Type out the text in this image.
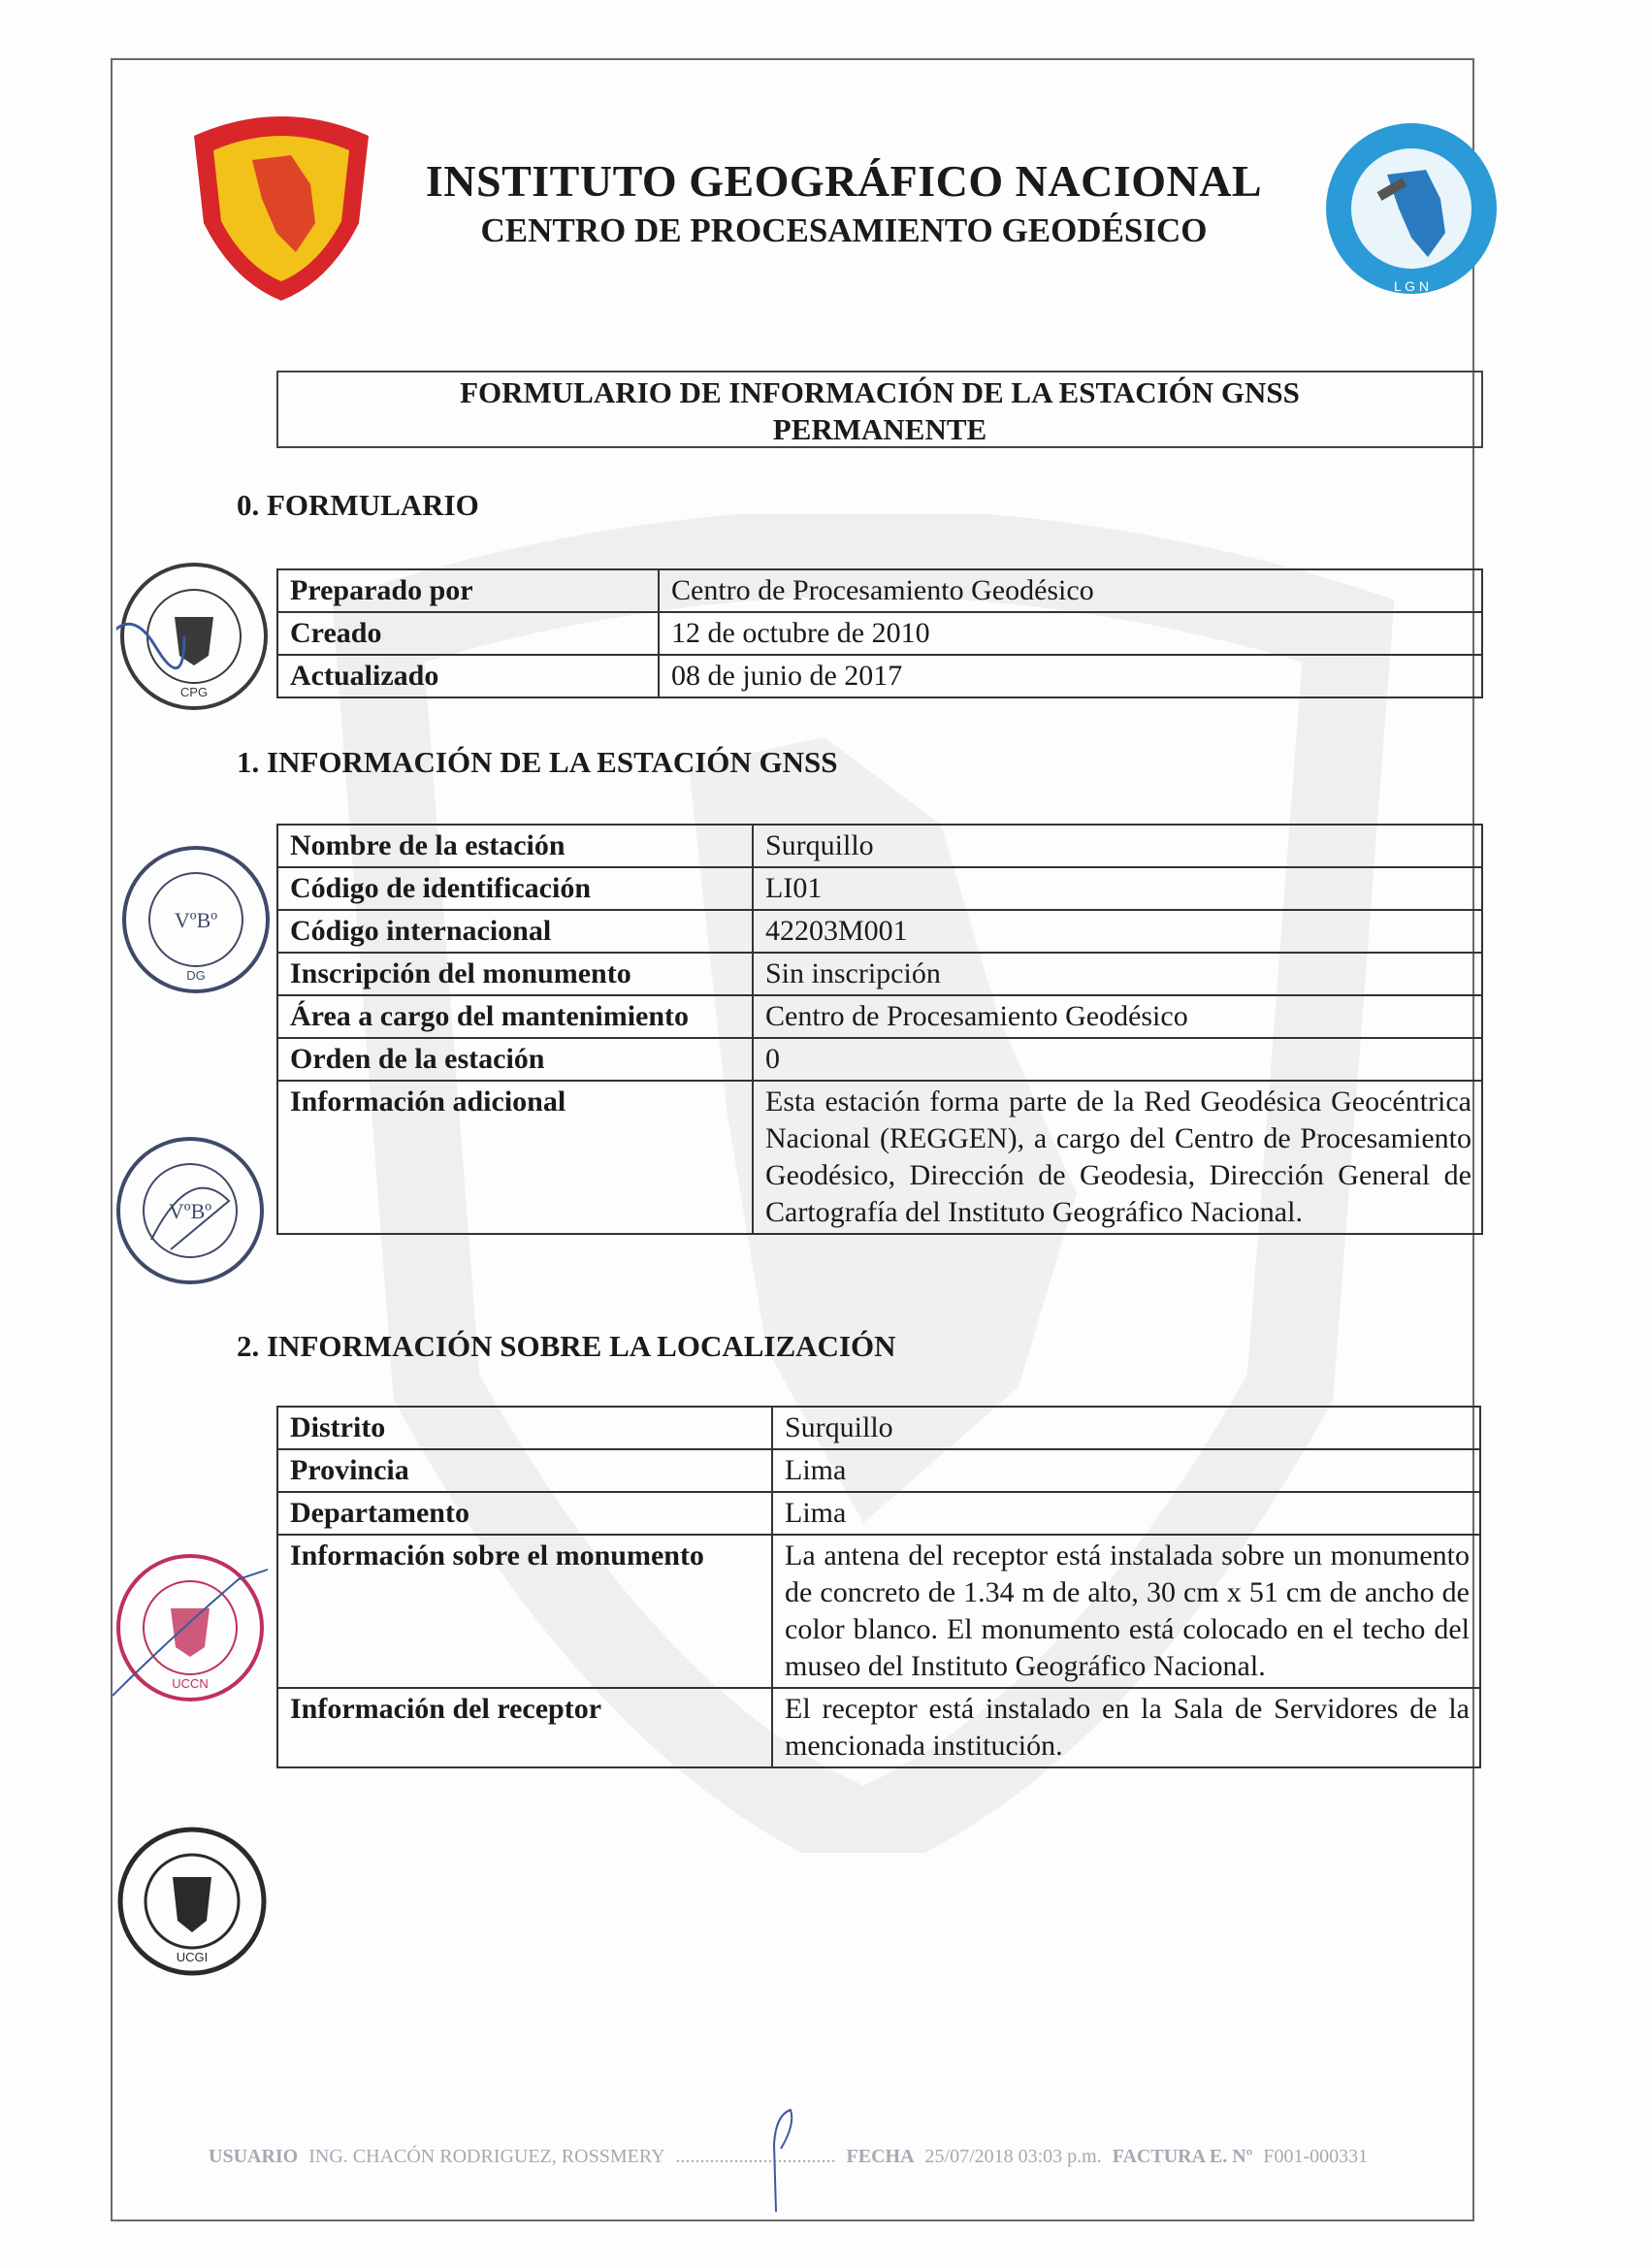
INSTITUTO GEOGRÁFICO NACIONAL
CENTRO DE PROCESAMIENTO GEODÉSICO
L G N
FORMULARIO DE INFORMACIÓN DE LA ESTACIÓN GNSS
PERMANENTE
0. FORMULARIO
Preparado por	Centro de Procesamiento Geodésico
Creado	12 de octubre de 2010
Actualizado	08 de junio de 2017
1. INFORMACIÓN DE LA ESTACIÓN GNSS
Nombre de la estación	Surquillo
Código de identificación	LI01
Código internacional	42203M001
Inscripción del monumento	Sin inscripción
Área a cargo del mantenimiento	Centro de Procesamiento Geodésico
Orden de la estación	0
Información adicional	Esta estación forma parte de la Red Geodésica Geocéntrica Nacional (REGGEN), a cargo del Centro de Procesamiento Geodésico, Dirección de Geodesia, Dirección General de Cartografía del Instituto Geográfico Nacional.
2. INFORMACIÓN SOBRE LA LOCALIZACIÓN
Distrito	Surquillo
Provincia	Lima
Departamento	Lima
Información sobre el monumento	La antena del receptor está instalada sobre un monumento de concreto de 1.34 m de alto, 30 cm x 51 cm de ancho de color blanco. El monumento está colocado en el techo del museo del Instituto Geográfico Nacional.
Información del receptor	El receptor está instalado en la Sala de Servidores de la mencionada institución.
CPG
VºBº
DG
VºBº
UCCN
UCGI
USUARIO ING. CHACÓN RODRIGUEZ, ROSSMERY ................................. FECHA 25/07/2018 03:03 p.m. FACTURA E. Nº F001-000331
